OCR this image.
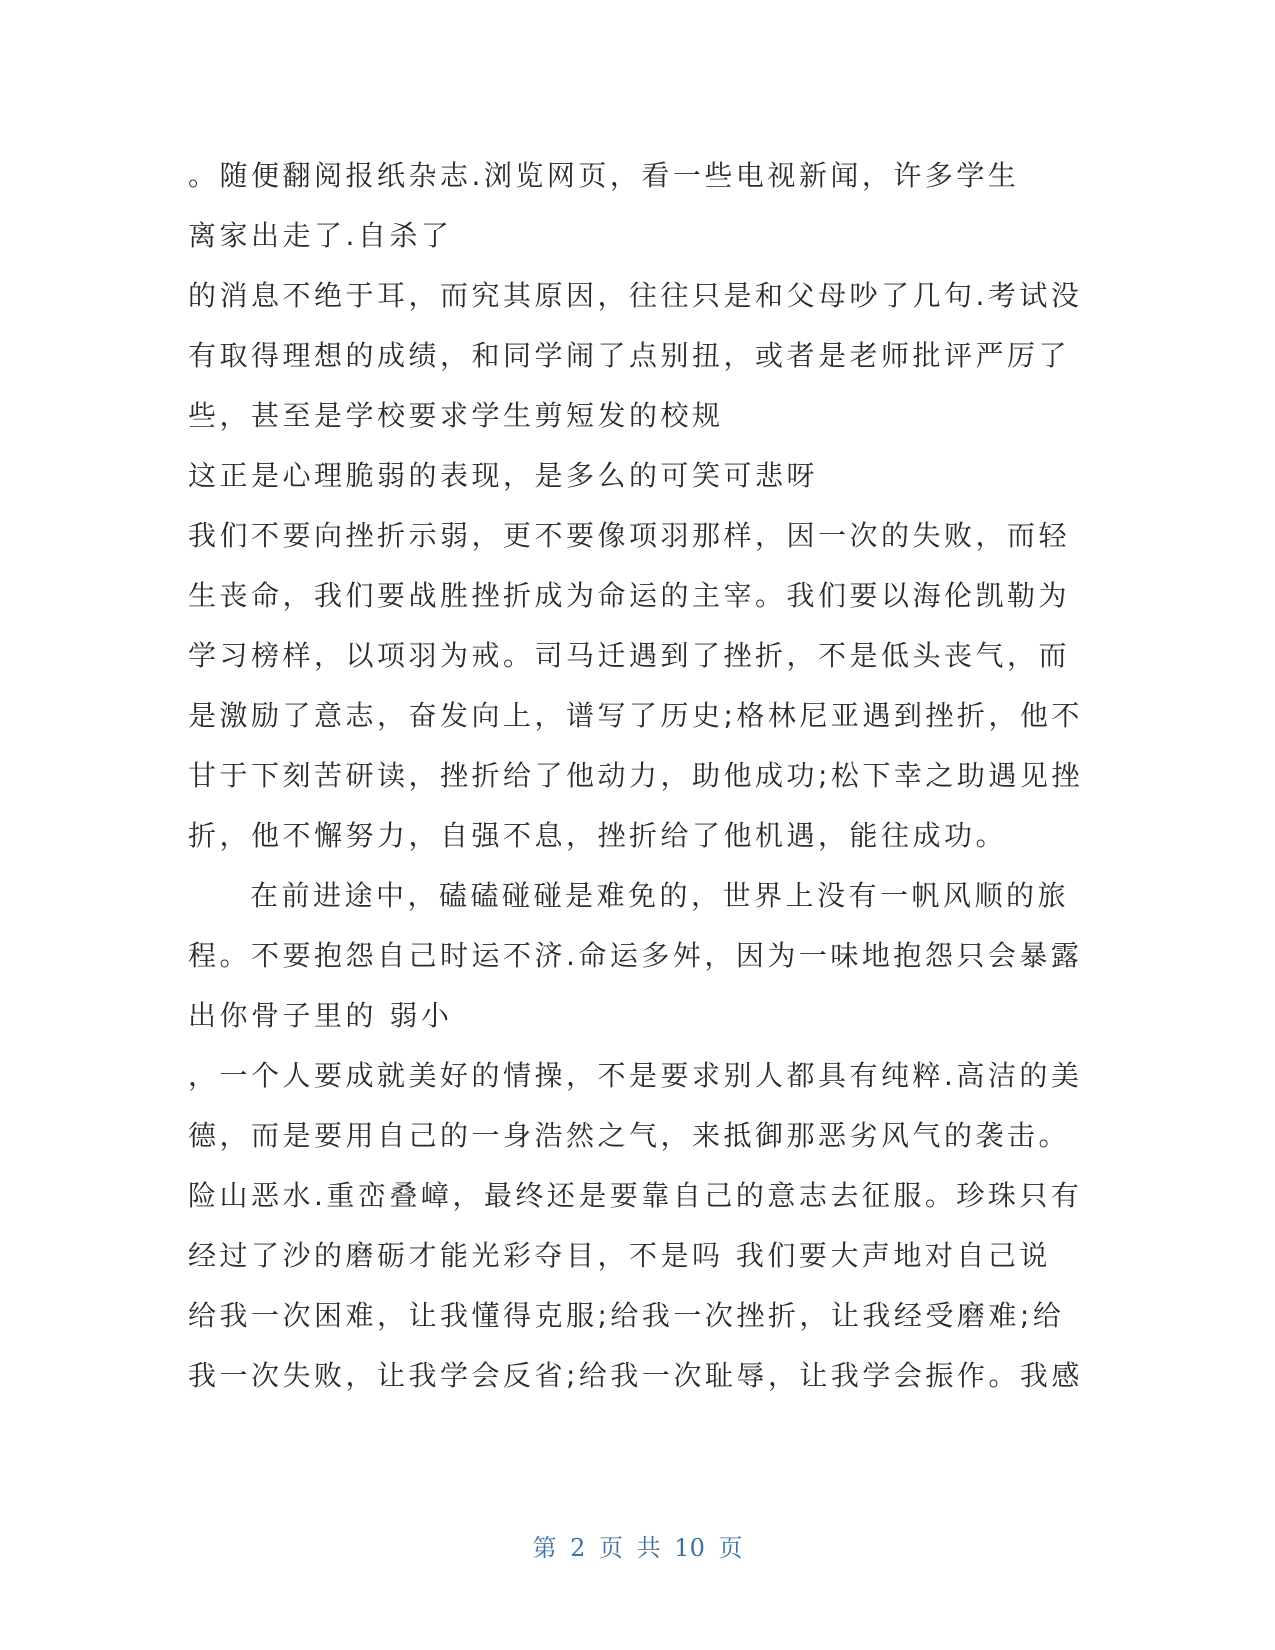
。随便翻阅报纸杂志.浏览网页，看一些电视新闻，许多学生
离家出走了.自杀了
的消息不绝于耳，而究其原因，往往只是和父母吵了几句.考试没
有取得理想的成绩，和同学闹了点别扭，或者是老师批评严厉了
些，甚至是学校要求学生剪短发的校规
这正是心理脆弱的表现，是多么的可笑可悲呀
我们不要向挫折示弱，更不要像项羽那样，因一次的失败，而轻
生丧命，我们要战胜挫折成为命运的主宰。我们要以海伦凯勒为
学习榜样，以项羽为戒。司马迁遇到了挫折，不是低头丧气，而
是激励了意志，奋发向上，谱写了历史;格林尼亚遇到挫折，他不
甘于下刻苦研读，挫折给了他动力，助他成功;松下幸之助遇见挫
折，他不懈努力，自强不息，挫折给了他机遇，能往成功。
在前进途中，磕磕碰碰是难免的，世界上没有一帆风顺的旅
程。不要抱怨自己时运不济.命运多舛，因为一味地抱怨只会暴露
出你骨子里的 弱小
，一个人要成就美好的情操，不是要求别人都具有纯粹.高洁的美
德，而是要用自己的一身浩然之气，来抵御那恶劣风气的袭击。
险山恶水.重峦叠嶂，最终还是要靠自己的意志去征服。珍珠只有
经过了沙的磨砺才能光彩夺目，不是吗 我们要大声地对自己说
给我一次困难，让我懂得克服;给我一次挫折，让我经受磨难;给
我一次失败，让我学会反省;给我一次耻辱，让我学会振作。我感
第 2 页 共 10 页
